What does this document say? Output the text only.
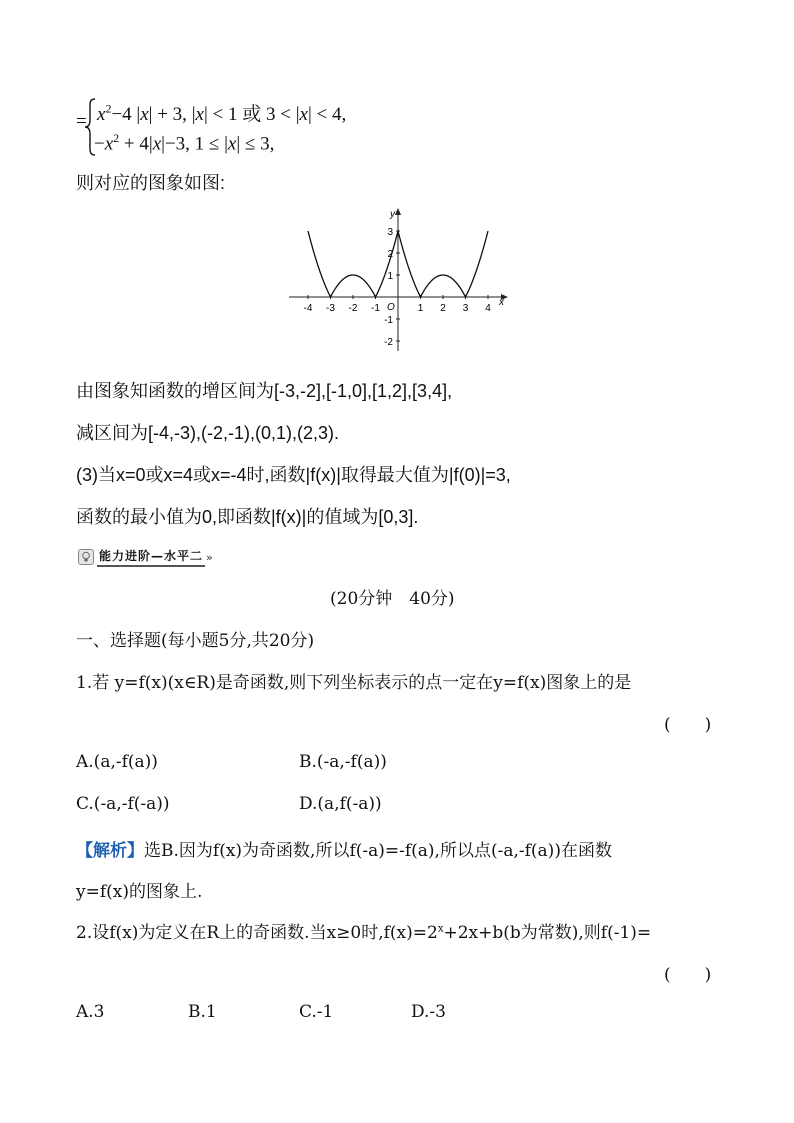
= $x^2-4$ |x| + 3, |x| < 1 或 3 < |x| < 4,
$-x^2 + 4|x|-3$, 1 ≤ |x| ≤ 3,
则对应的图象如图:
x
y
O
-4 -3 -2 -1	1 2 3 4
3
2
1
-1
-2
由图象知函数的增区间为[-3,-2],[-1,0],[1,2],[3,4],
减区间为[-4,-3),(-2,-1),(0,1),(2,3).
(3)当x=0或x=4或x=-4时,函数|f(x)|取得最大值为|f(0)|=3,
函数的最小值为0,即函数|f(x)|的值域为[0,3].
能力进阶—水平二 »
(20分钟　40分)
一、选择题(每小题5分,共20分)
1.若 y=f(x)(x∈R)是奇函数,则下列坐标表示的点一定在y=f(x)图象上的是
(　　)
A.(a,-f(a))	B.(-a,-f(a))
C.(-a,-f(-a))	D.(a,f(-a))
【解析】选B.因为f(x)为奇函数,所以f(-a)=-f(a),所以点(-a,-f(a))在函数
y=f(x)的图象上.
2.设f(x)为定义在R上的奇函数.当x≥0时$,f(x)=2^x+2x+b(b$为常数),则f(-1)=
(　　)
A.3	B.1	C.-1	D.-3
